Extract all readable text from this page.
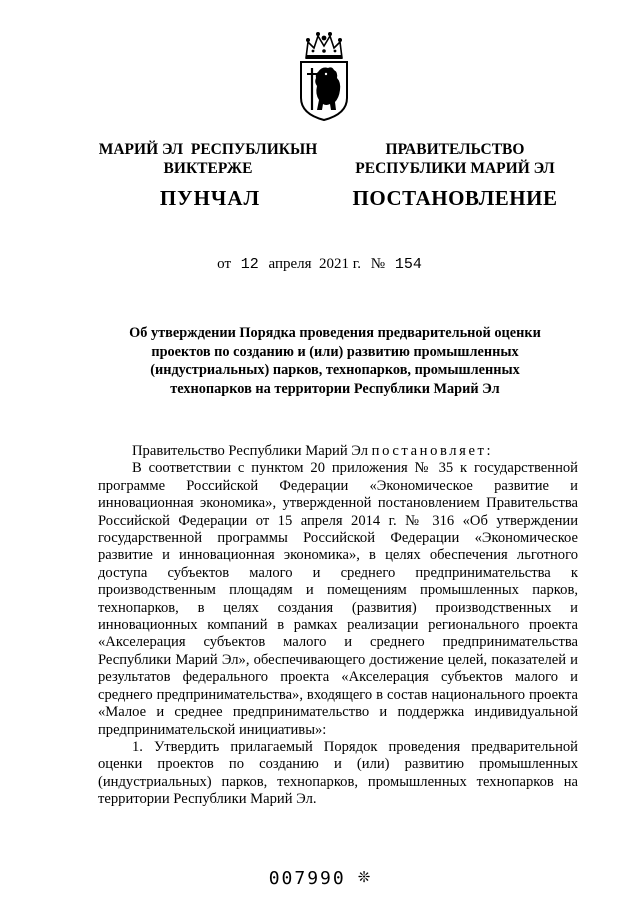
МАРИЙ ЭЛ  РЕСПУБЛИКЫН
ВИКТЕРЖЕ
ПРАВИТЕЛЬСТВО
РЕСПУБЛИКИ МАРИЙ ЭЛ
ПУНЧАЛ	ПОСТАНОВЛЕНИЕ
от 12 апреля  2021 г. № 154
Об утверждении Порядка проведения предварительной оценки
проектов по созданию и (или) развитию промышленных
(индустриальных) парков, технопарков, промышленных
технопарков на территории Республики Марий Эл

Правительство Республики Марий Эл постановляет:

В соответствии с пунктом 20 приложения № 35 к государственной программе Российской Федерации «Экономическое развитие и инновационная экономика», утвержденной постановлением Правительства Российской Федерации от 15 апреля 2014 г. № 316 «Об утверждении государственной программы Российской Федерации «Экономическое развитие и инновационная экономика», в целях обеспечения льготного доступа субъектов малого и среднего предпринимательства к производственным площадям и помещениям промышленных парков, технопарков, в целях создания (развития) производственных и инновационных компаний в рамках реализации регионального проекта «Акселерация субъектов малого и среднего предпринимательства Республики Марий Эл», обеспечивающего достижение целей, показателей и результатов федерального проекта «Акселерация субъектов малого и среднего предпринимательства», входящего в состав национального проекта «Малое и среднее предпринимательство и поддержка индивидуальной предпринимательской инициативы»:

1. Утвердить прилагаемый Порядок проведения предварительной оценки проектов по созданию и (или) развитию промышленных (индустриальных) парков, технопарков, промышленных технопарков на территории Республики Марий Эл.

007990 ❊
